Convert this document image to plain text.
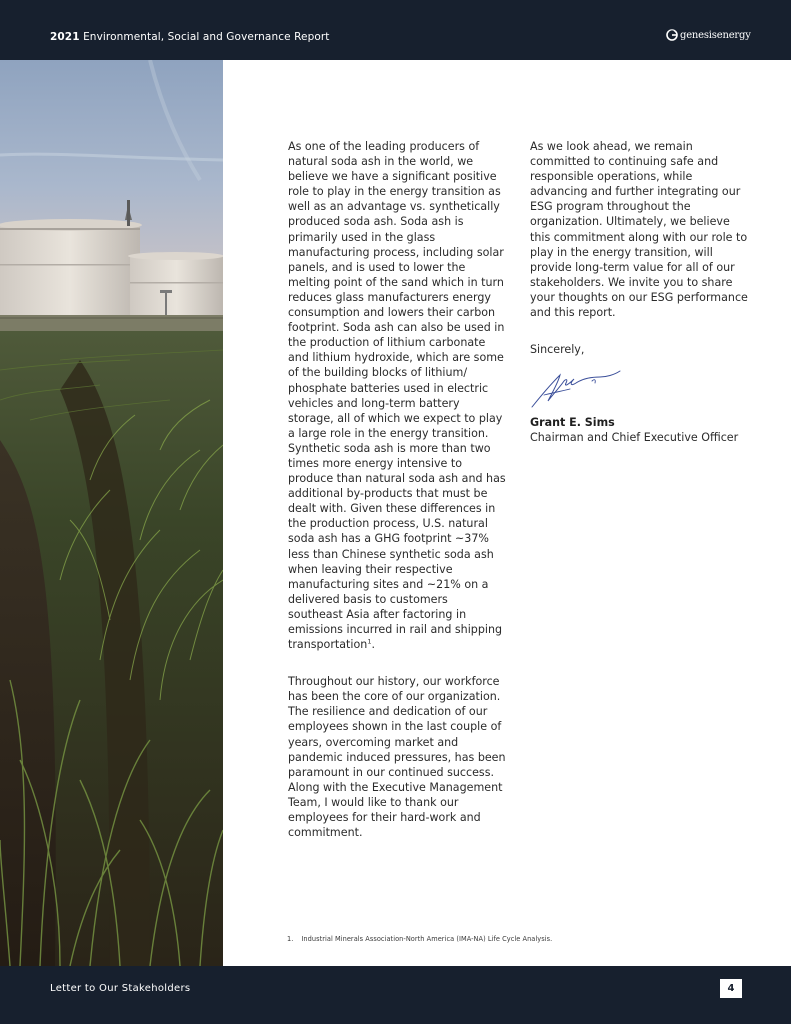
2021 Environmental, Social and Governance Report	genesisenergy

As one of the leading producers of natural soda ash in the world, we believe we have a significant positive role to play in the energy transition as well as an advantage vs. synthetically produced soda ash. Soda ash is primarily used in the glass manufacturing process, including solar panels, and is used to lower the melting point of the sand which in turn reduces glass manufacturers energy consumption and lowers their carbon footprint. Soda ash can also be used in the production of lithium carbonate and lithium hydroxide, which are some of the building blocks of lithium/ phosphate batteries used in electric vehicles and long-term battery storage, all of which we expect to play a large role in the energy transition. Synthetic soda ash is more than two times more energy intensive to produce than natural soda ash and has additional by-products that must be dealt with. Given these differences in the production process, U.S. natural soda ash has a GHG footprint ~37% less than Chinese synthetic soda ash when leaving their respective manufacturing sites and ~21% on a delivered basis to customers southeast Asia after factoring in emissions incurred in rail and shipping transportation$^1$.

Throughout our history, our workforce has been the core of our organization. The resilience and dedication of our employees shown in the last couple of years, overcoming market and pandemic induced pressures, has been paramount in our continued success. Along with the Executive Management Team, I would like to thank our employees for their hard-work and commitment.

As we look ahead, we remain committed to continuing safe and responsible operations, while advancing and further integrating our ESG program throughout the organization. Ultimately, we believe this commitment along with our role to play in the energy transition, will provide long-term value for all of our stakeholders. We invite you to share your thoughts on our ESG performance and this report.

Sincerely,

Grant E. Sims

Chairman and Chief Executive Officer

1. Industrial Minerals Association-North America (IMA-NA) Life Cycle Analysis.
Letter to Our Stakeholders	4
